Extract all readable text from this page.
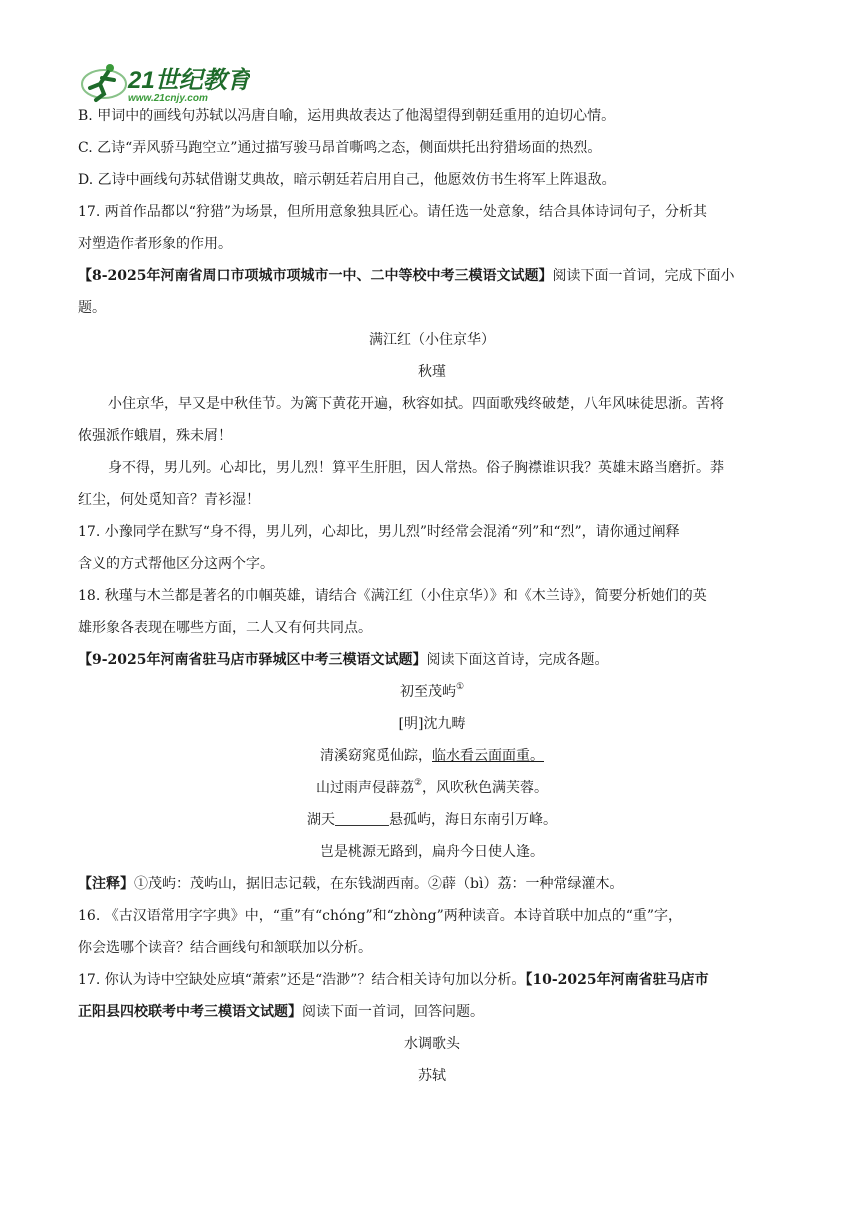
21世纪教育
www.21cnjy.com
B. 甲词中的画线句苏轼以冯唐自喻，运用典故表达了他渴望得到朝廷重用的迫切心情。
C. 乙诗“弄风骄马跑空立”通过描写骏马昂首嘶鸣之态，侧面烘托出狩猎场面的热烈。
D. 乙诗中画线句苏轼借谢艾典故，暗示朝廷若启用自己，他愿效仿书生将军上阵退敌。
17. 两首作品都以“狩猎”为场景，但所用意象独具匠心。请任选一处意象，结合具体诗词句子，分析其
对塑造作者形象的作用。
【8-2025年河南省周口市项城市项城市一中、二中等校中考三模语文试题】阅读下面一首词，完成下面小
题。
满江红（小住京华）
秋瑾
小住京华，早又是中秋佳节。为篱下黄花开遍，秋容如拭。四面歌残终破楚，八年风味徒思浙。苦将
侬强派作蛾眉，殊未屑！
身不得，男儿列。心却比，男儿烈！算平生肝胆，因人常热。俗子胸襟谁识我？英雄末路当磨折。莽
红尘，何处觅知音？青衫湿！
17. 小豫同学在默写“身不得，男儿列，心却比，男儿烈”时经常会混淆“列”和“烈”，请你通过阐释
含义的方式帮他区分这两个字。
18. 秋瑾与木兰都是著名的巾帼英雄，请结合《满江红（小住京华）》和《木兰诗》，简要分析她们的英
雄形象各表现在哪些方面，二人又有何共同点。
【9-2025年河南省驻马店市驿城区中考三模语文试题】阅读下面这首诗，完成各题。
初至茂屿①
[明]沈九畴
清溪窈窕觅仙踪，临水看云面面重 ·。
山过雨声侵薜荔②，风吹秋色满芙蓉。
湖天	悬孤屿，海日东南引万峰。
岂是桃源无路到，扁舟今日使人逢。
【注释】①茂屿：茂屿山，据旧志记载，在东钱湖西南。②薜（bì）荔：一种常绿灌木。
16. 《古汉语常用字字典》中，“重”有“chóng”和“zhòng”两种读音。本诗首联中加点的“重”字，
你会选哪个读音？结合画线句和颔联加以分析。
17. 你认为诗中空缺处应填“萧索”还是“浩渺”？结合相关诗句加以分析。【10-2025年河南省驻马店市
正阳县四校联考中考三模语文试题】阅读下面一首词，回答问题。
水调歌头
苏轼
